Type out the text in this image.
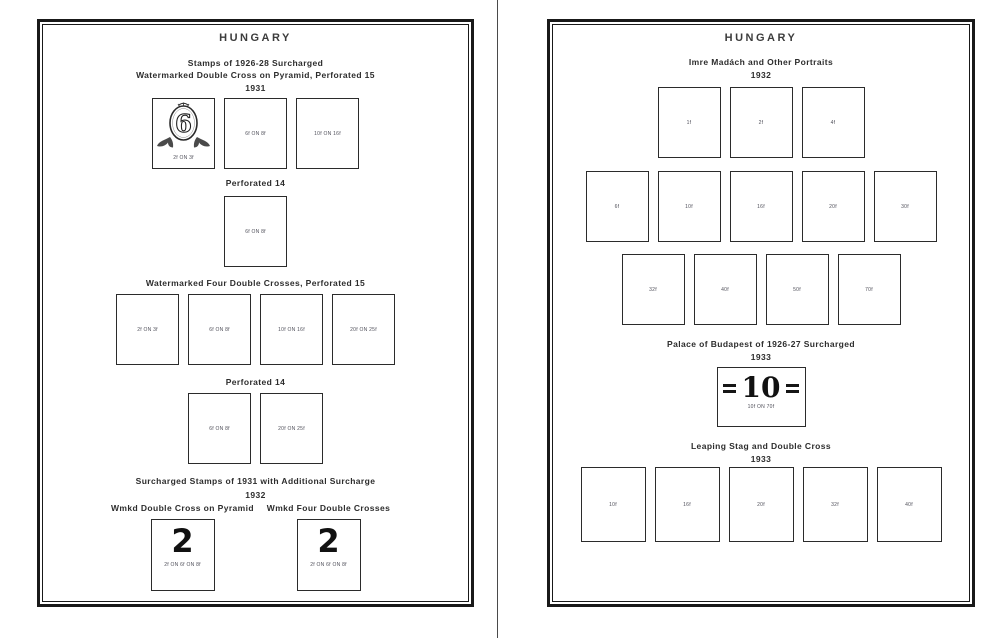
HUNGARY
Stamps of 1926-28 Surcharged
Watermarked Double Cross on Pyramid, Perforated 15
1931
6
2f ON 3f
6f ON 8f	10f ON 16f
Perforated 14
6f ON 8f
Watermarked Four Double Crosses, Perforated 15
2f ON 3f	6f ON 8f	10f ON 16f	20f ON 25f
Perforated 14
6f ON 8f	20f ON 25f
Surcharged Stamps of 1931 with Additional Surcharge
1932
Wmkd Double Cross on Pyramid
2
2f ON 6f ON 8f
Wmkd Four Double Crosses
2
2f ON 6f ON 8f
HUNGARY
Imre Madách and Other Portraits
1932
1f	2f	4f
6f	10f	16f	20f	30f
32f	40f	50f	70f
Palace of Budapest of 1926-27 Surcharged
1933
10
10f ON 70f
Leaping Stag and Double Cross
1933
10f	16f	20f	32f	40f
